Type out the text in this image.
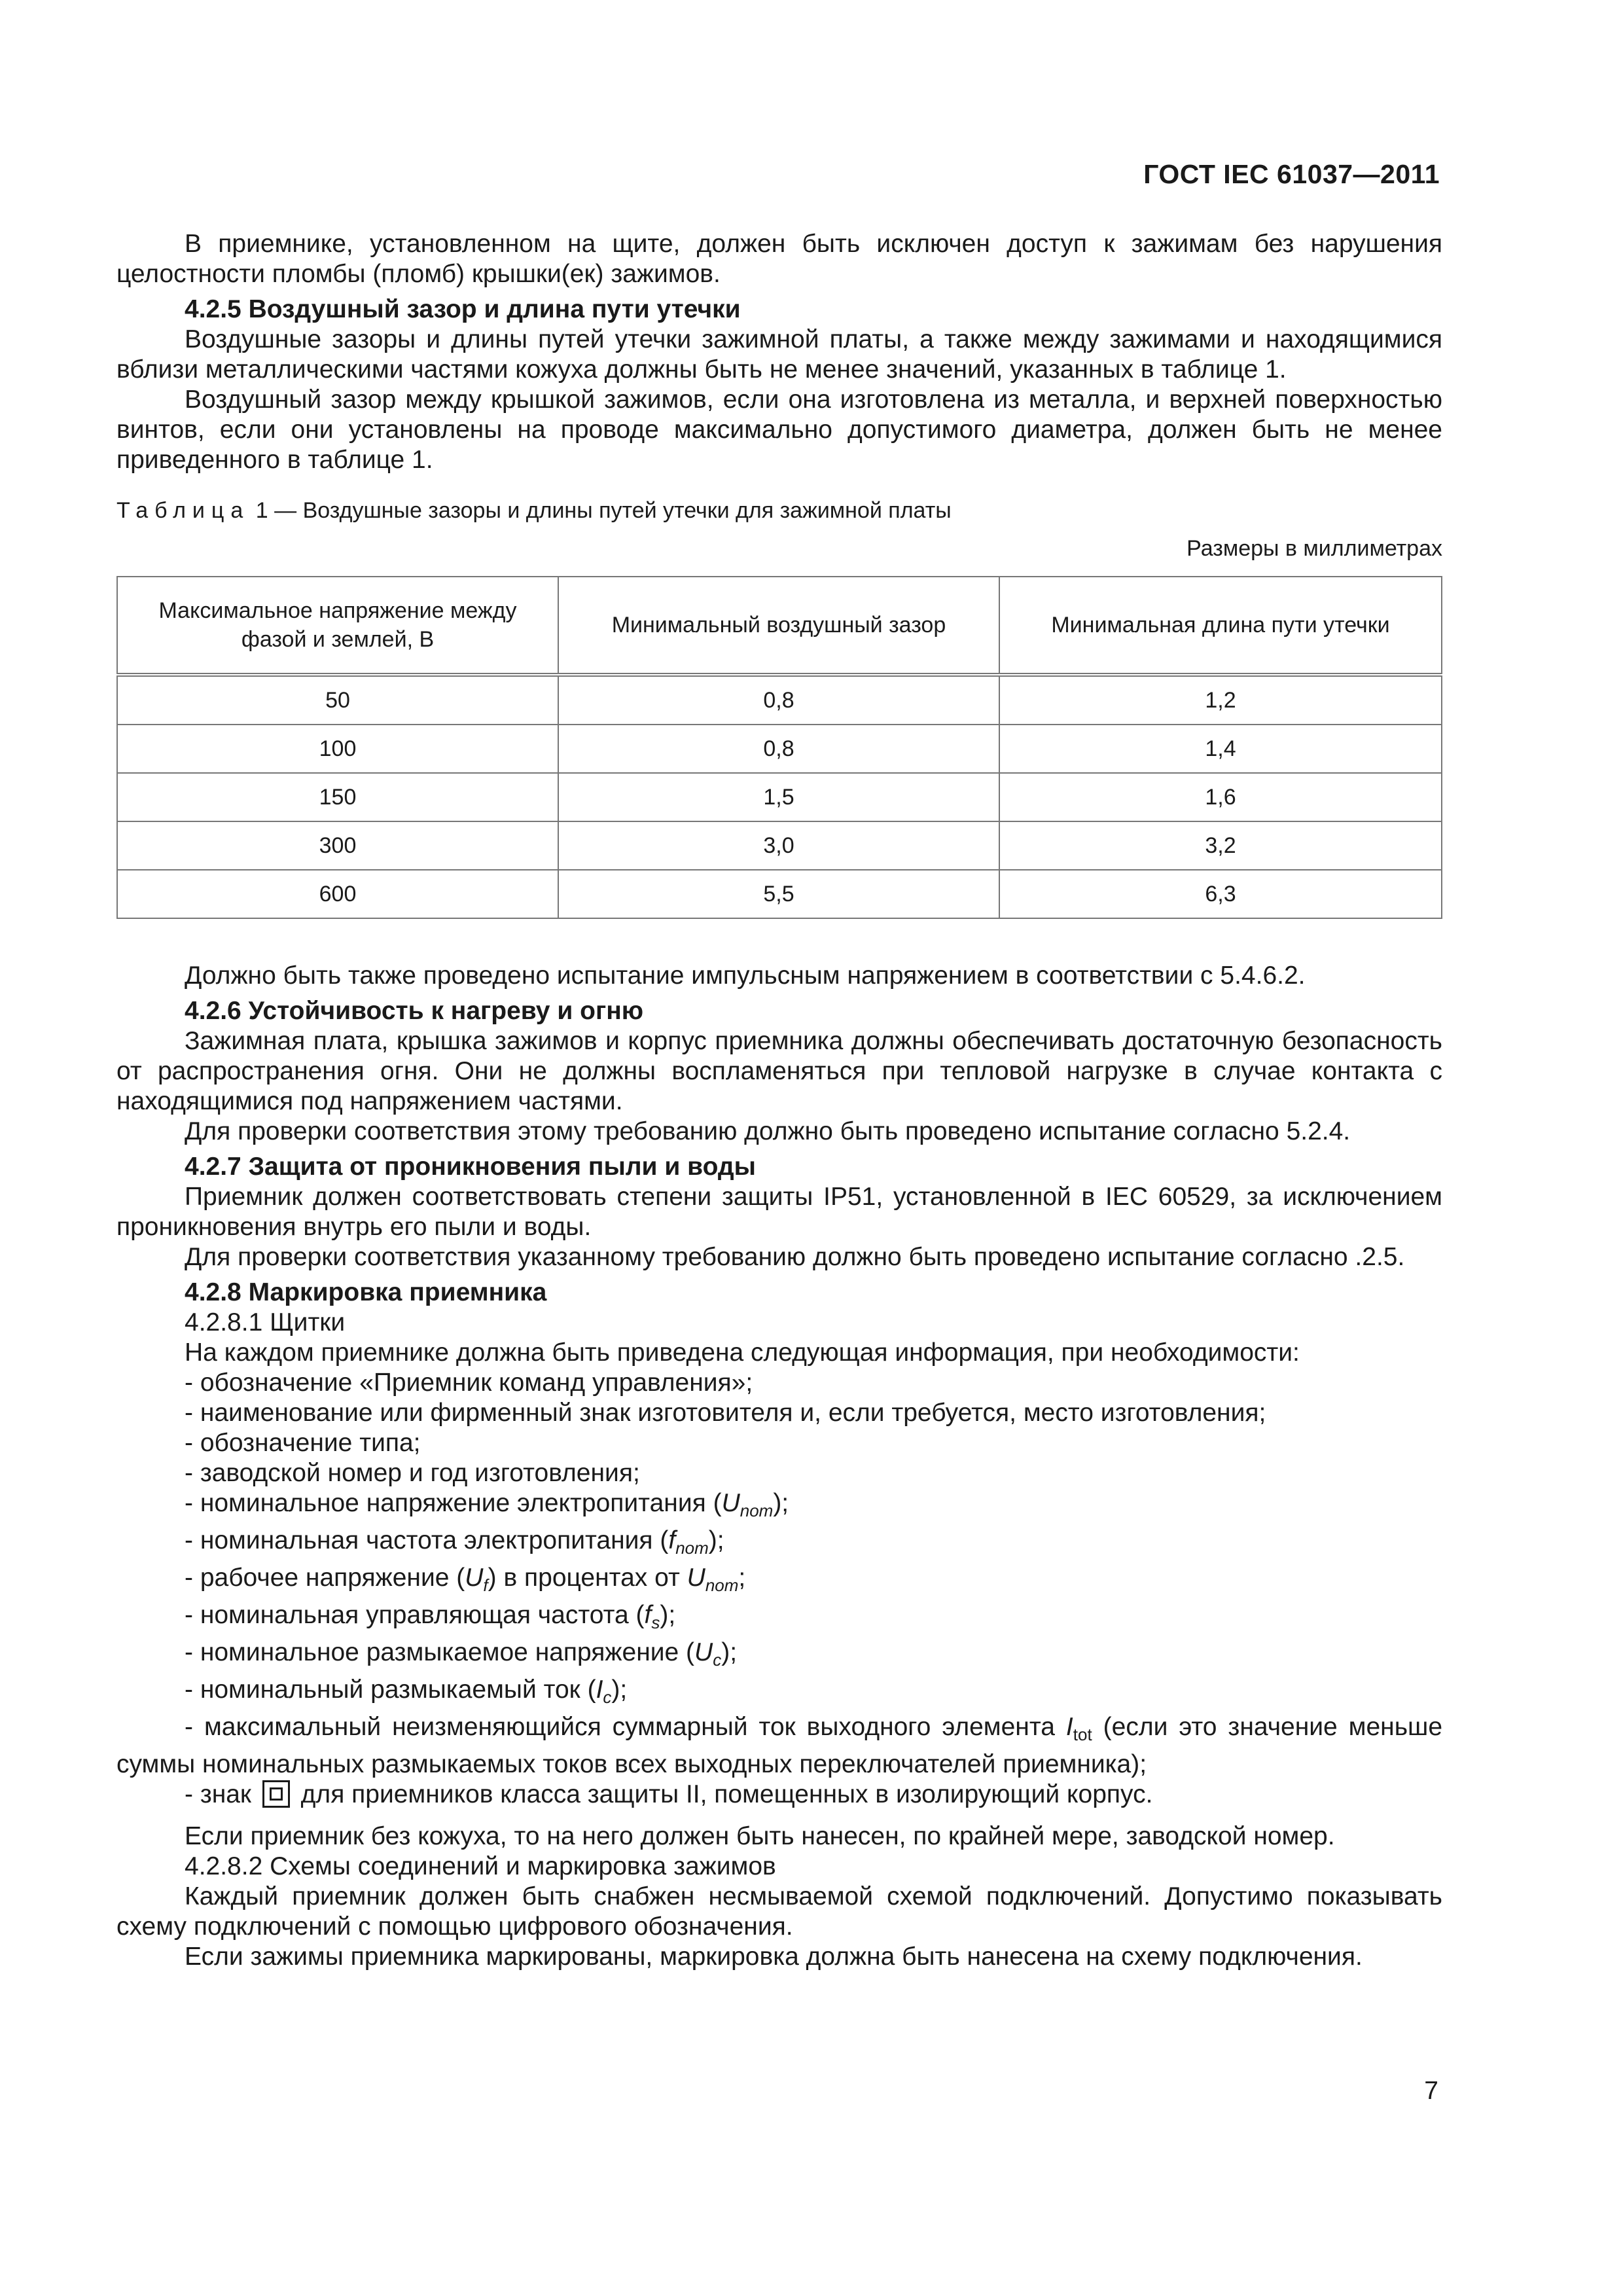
ГОСТ IEC 61037—2011

В приемнике, установленном на щите, должен быть исключен доступ к зажимам без нарушения целостности пломбы (пломб) крышки(ек) зажимов.

4.2.5 Воздушный зазор и длина пути утечки

Воздушные зазоры и длины путей утечки зажимной платы, а также между зажимами и находящимися вблизи металлическими частями кожуха должны быть не менее значений, указанных в таблице 1.

Воздушный зазор между крышкой зажимов, если она изготовлена из металла, и верхней поверхностью винтов, если они установлены на проводе максимально допустимого диаметра, должен быть не менее приведенного в таблице 1.

Таблица 1 — Воздушные зазоры и длины путей утечки для зажимной платы
Размеры в миллиметрах
Максимальное напряжение между фазой и землей, В	Минимальный воздушный зазор	Минимальная длина пути утечки
50	0,8	1,2
100	0,8	1,4
150	1,5	1,6
300	3,0	3,2
600	5,5	6,3

Должно быть также проведено испытание импульсным напряжением в соответствии с 5.4.6.2.

4.2.6 Устойчивость к нагреву и огню

Зажимная плата, крышка зажимов и корпус приемника должны обеспечивать достаточную безопасность от распространения огня. Они не должны воспламеняться при тепловой нагрузке в случае контакта с находящимися под напряжением частями.

Для проверки соответствия этому требованию должно быть проведено испытание согласно 5.2.4.

4.2.7 Защита от проникновения пыли и воды

Приемник должен соответствовать степени защиты IP51, установленной в IEC 60529, за исключением проникновения внутрь его пыли и воды.

Для проверки соответствия указанному требованию должно быть проведено испытание согласно .2.5.

4.2.8 Маркировка приемника

4.2.8.1 Щитки

На каждом приемнике должна быть приведена следующая информация, при необходимости:

- обозначение «Приемник команд управления»;

- наименование или фирменный знак изготовителя и, если требуется, место изготовления;

- обозначение типа;

- заводской номер и год изготовления;

- номинальное напряжение электропитания $(U_{nom})$;

- номинальная частота электропитания $(f_{nom})$;

- рабочее напряжение $(U_f)$ в процентах от $U_{nom}$;

- номинальная управляющая частота $(f_s)$;

- номинальное размыкаемое напряжение $(U_c)$;

- номинальный размыкаемый ток $(I_c)$;

- максимальный неизменяющийся суммарный ток выходного элемента $I_{tot}$ (если это значение меньше суммы номинальных размыкаемых токов всех выходных переключателей приемника);

- знак  для приемников класса защиты II, помещенных в изолирующий корпус.

Если приемник без кожуха, то на него должен быть нанесен, по крайней мере, заводской номер.

4.2.8.2 Схемы соединений и маркировка зажимов

Каждый приемник должен быть снабжен несмываемой схемой подключений. Допустимо показывать схему подключений с помощью цифрового обозначения.

Если зажимы приемника маркированы, маркировка должна быть нанесена на схему подключения.

7
